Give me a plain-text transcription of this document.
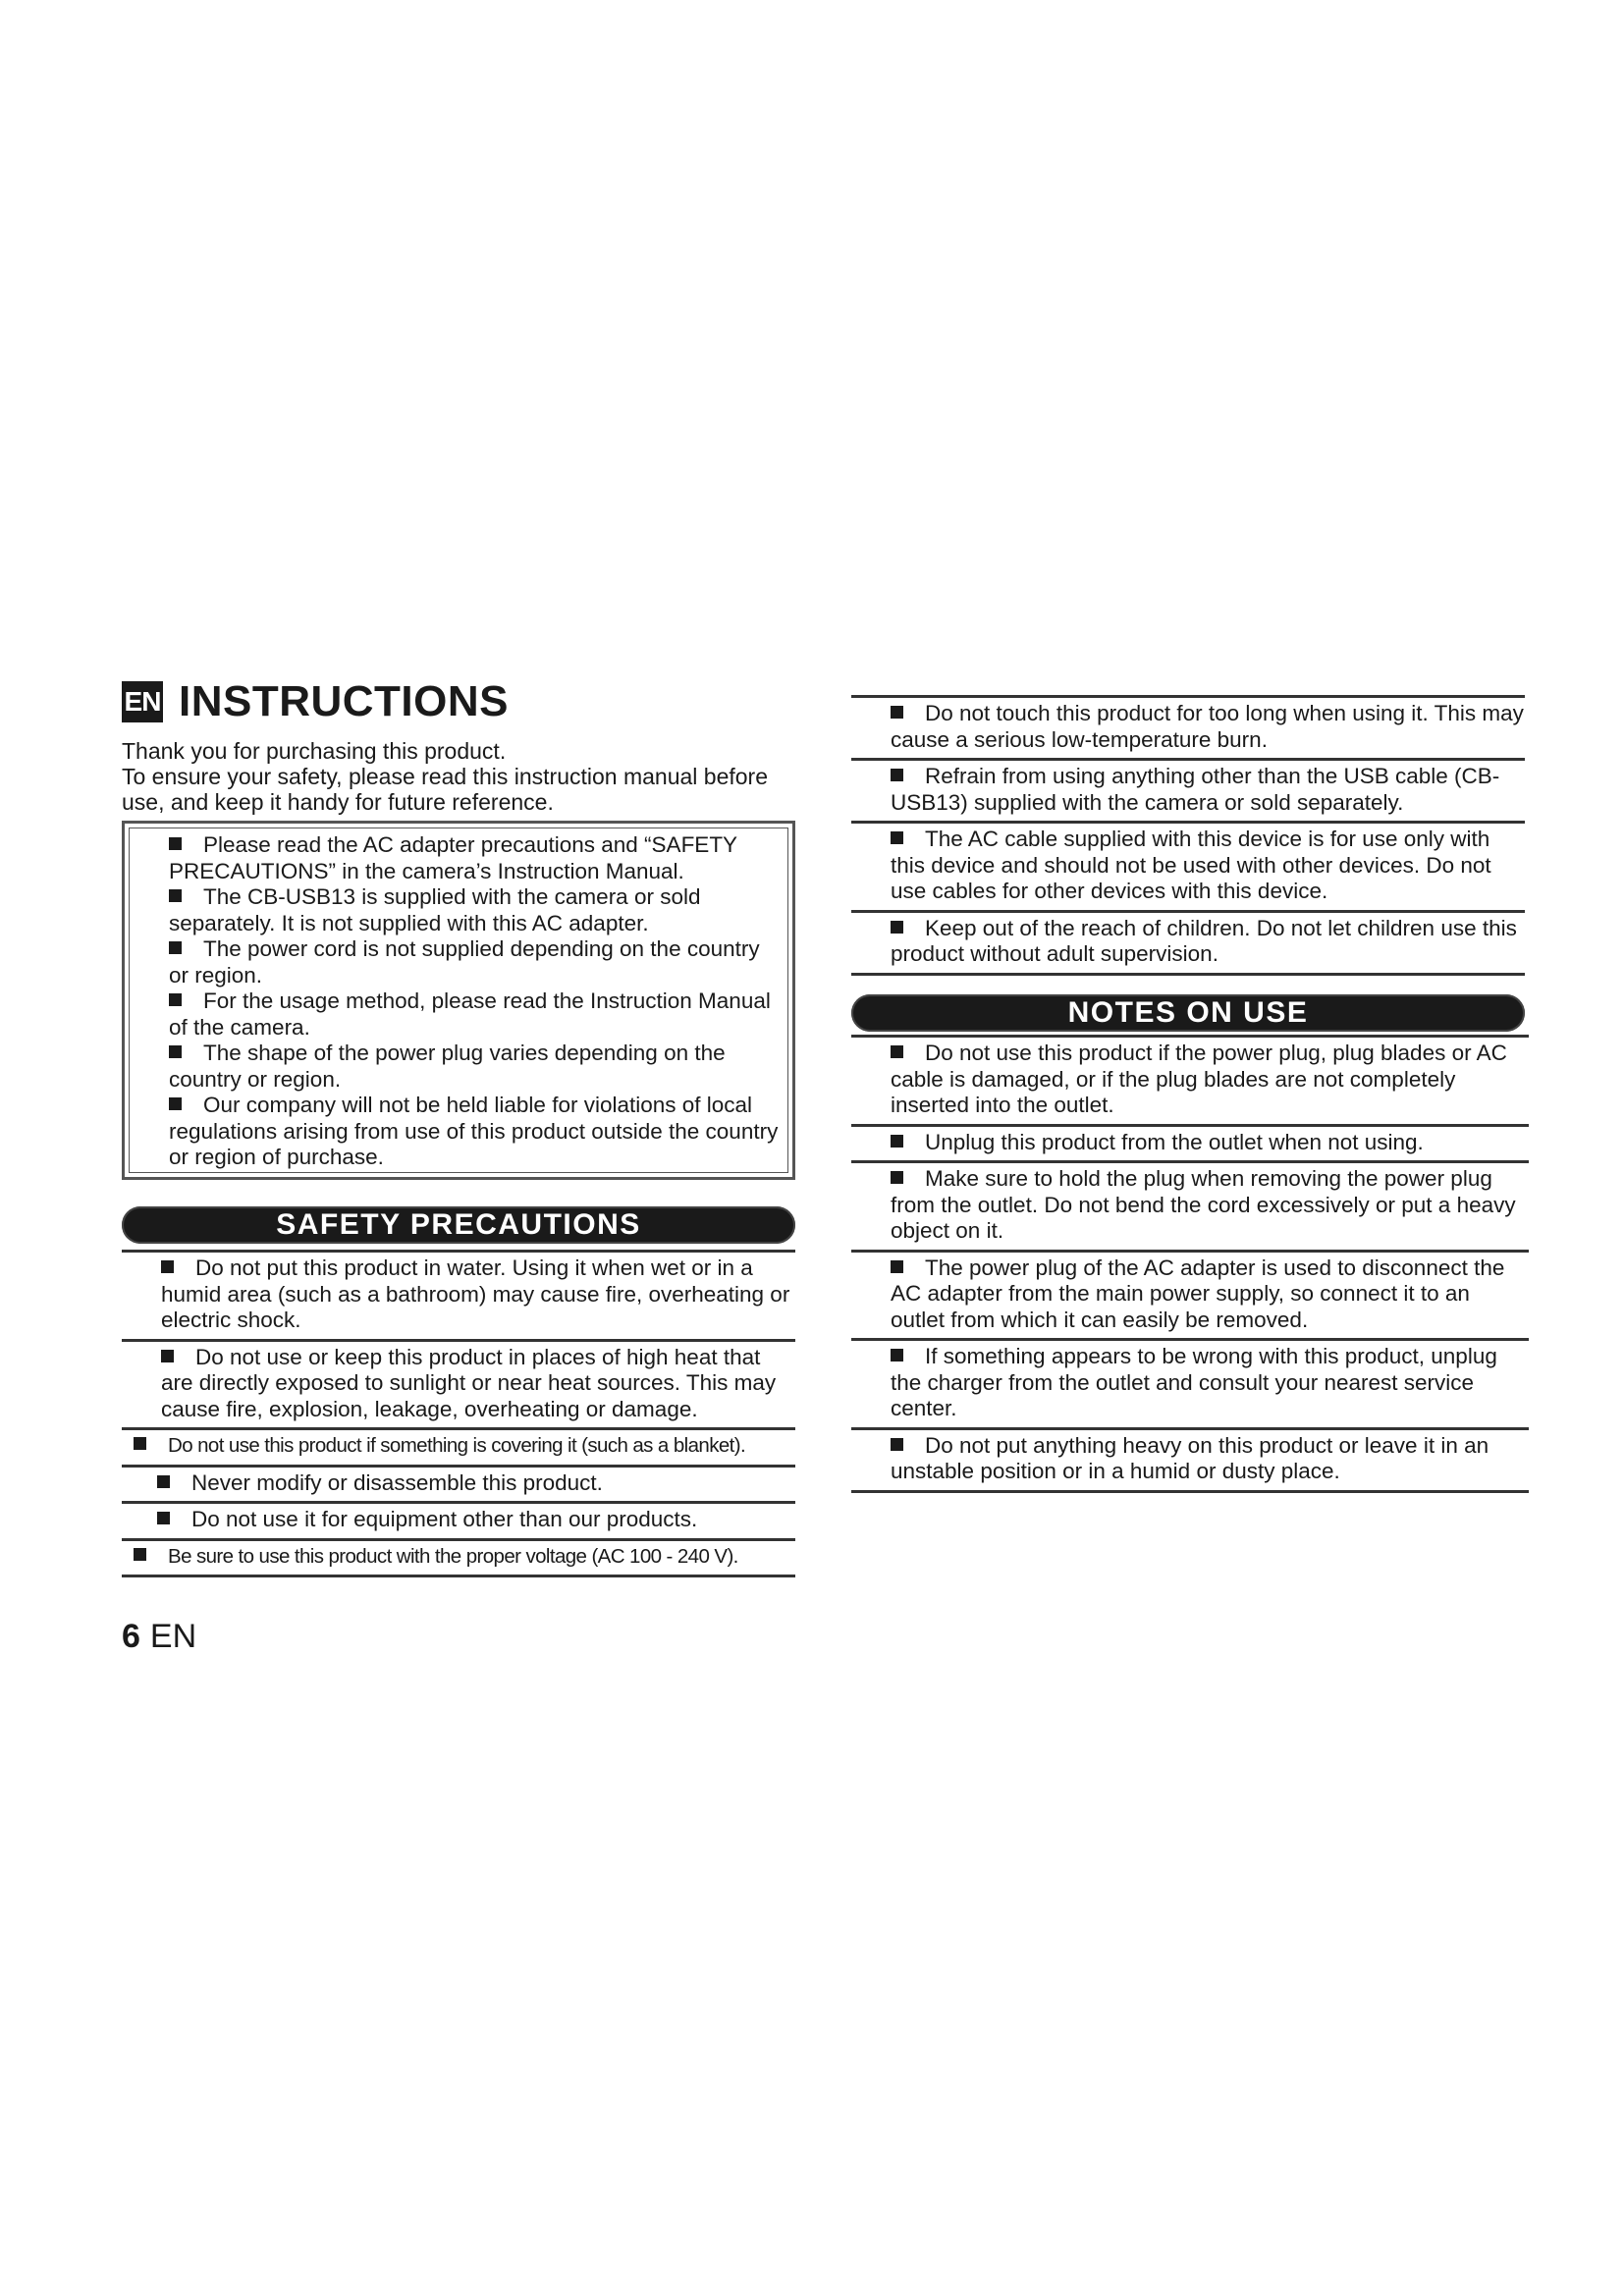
EN INSTRUCTIONS

Thank you for purchasing this product.

To ensure your safety, please read this instruction manual before use, and keep it handy for future reference.

Please read the AC adapter precautions and “SAFETY PRECAUTIONS” in the camera’s Instruction Manual.
The CB-USB13 is supplied with the camera or sold separately. It is not supplied with this AC adapter.
The power cord is not supplied depending on the country or region.
For the usage method, please read the Instruction Manual of the camera.
The shape of the power plug varies depending on the country or region.
Our company will not be held liable for violations of local regulations arising from use of this product outside the country or region of purchase.
SAFETY PRECAUTIONS
Do not put this product in water. Using it when wet or in a humid area (such as a bathroom) may cause fire, overheating or electric shock.
Do not use or keep this product in places of high heat that are directly exposed to sunlight or near heat sources. This may cause fire, explosion, leakage, overheating or damage.
Do not use this product if something is covering it (such as a blanket).
Never modify or disassemble this product.
Do not use it for equipment other than our products.
Be sure to use this product with the proper voltage (AC 100 - 240 V).
Do not touch this product for too long when using it. This may cause a serious low-temperature burn.
Refrain from using anything other than the USB cable (CB-USB13) supplied with the camera or sold separately.
The AC cable supplied with this device is for use only with this device and should not be used with other devices. Do not use cables for other devices with this device.
Keep out of the reach of children. Do not let children use this product without adult supervision.
NOTES ON USE
Do not use this product if the power plug, plug blades or AC cable is damaged, or if the plug blades are not completely inserted into the outlet.
Unplug this product from the outlet when not using.
Make sure to hold the plug when removing the power plug from the outlet. Do not bend the cord excessively or put a heavy object on it.
The power plug of the AC adapter is used to disconnect the AC adapter from the main power supply, so connect it to an outlet from which it can easily be removed.
If something appears to be wrong with this product, unplug the charger from the outlet and consult your nearest service center.
Do not put anything heavy on this product or leave it in an unstable position or in a humid or dusty place.
6 EN
